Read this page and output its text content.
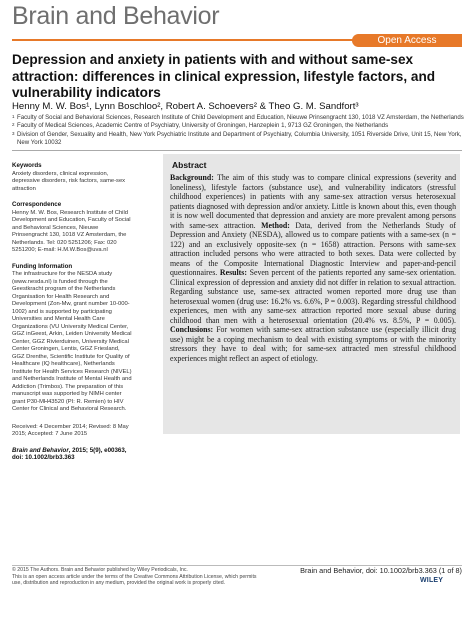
Brain and Behavior
Open Access
Depression and anxiety in patients with and without same-sex attraction: differences in clinical expression, lifestyle factors, and vulnerability indicators
Henny M. W. Bos¹, Lynn Boschloo², Robert A. Schoevers² & Theo G. M. Sandfort³
1 Faculty of Social and Behavioral Sciences, Research Institute of Child Development and Education, Nieuwe Prinsengracht 130, 1018 VZ Amsterdam, the Netherlands
2 Faculty of Medical Sciences, Academic Centre of Psychiatry, University of Groningen, Hanzeplein 1, 9713 GZ Groningen, the Netherlands
3 Division of Gender, Sexuality and Health, New York Psychiatric Institute and Department of Psychiatry, Columbia University, 1051 Riverside Drive, Unit 15, New York, New York 10032
Keywords
Anxiety disorders, clinical expression, depressive disorders, risk factors, same-sex attraction
Correspondence
Henny M. W. Bos, Research Institute of Child Development and Education, Faculty of Social and Behavioral Sciences, Nieuwe Prinsengracht 130, 1018 VZ Amsterdam, the Netherlands. Tel: 020 5251206; Fax: 020 5251200; E-mail: H.M.W.Bos@uva.nl
Funding Information
The infrastructure for the NESDA study (www.nesda.nl) is funded through the Geestkracht program of the Netherlands Organisation for Health Research and Development (Zon-Mw, grant number 10-000-1002) and is supported by participating Universities and Mental Health Care Organizations (VU University Medical Center, GGZ inGeest, Arkin, Leiden University Medical Center, GGZ Rivierduinen, University Medical Center Groningen, Lentis, GGZ Friesland, GGZ Drenthe, Scientific Institute for Quality of Healthcare (IQ healthcare), Netherlands Institute for Health Services Research (NIVEL) and Netherlands Institute of Mental Health and Addiction (Trimbos). The preparation of this manuscript was supported by NIMH center grant P30-MH43520 (PI: R. Remien) to HIV Center for Clinical and Behavioral Research.
Received: 4 December 2014; Revised: 8 May 2015; Accepted: 7 June 2015
Brain and Behavior, 2015; 5(9), e00363, doi: 10.1002/brb3.363
Abstract
Background: The aim of this study was to compare clinical expressions (severity and loneliness), lifestyle factors (substance use), and vulnerability indicators (stressful childhood experiences) in patients with any same-sex attraction versus heterosexual patients diagnosed with depression and/or anxiety. Little is known about this, even though it is now well documented that depression and anxiety are more prevalent among persons with same-sex attraction. Method: Data, derived from the Netherlands Study of Depression and Anxiety (NESDA), allowed us to compare patients with a same-sex (n = 122) and an exclusively opposite-sex (n = 1658) attraction. Persons with same-sex attraction included persons who were attracted to both sexes. Data were collected by means of the Composite International Diagnostic Interview and paper-and-pencil questionnaires. Results: Seven percent of the patients reported any same-sex orientation. Clinical expression of depression and anxiety did not differ in relation to sexual attraction. Regarding substance use, same-sex attracted women reported more drug use than heterosexual women (drug use: 16.2% vs. 6.6%, P = 0.003). Regarding stressful childhood experiences, men with any same-sex attraction reported more sexual abuse during childhood than men with a heterosexual orientation (20.4% vs. 8.5%, P = 0.005). Conclusions: For women with same-sex attraction substance use (especially illicit drug use) might be a coping mechanism to deal with existing symptoms or with the minority stressors they have to deal with; for same-sex attracted men stressful childhood experiences might reflect an aspect of etiology.
© 2015 The Authors. Brain and Behavior published by Wiley Periodicals, Inc.
This is an open access article under the terms of the Creative Commons Attribution License, which permits use, distribution and reproduction in any medium, provided the original work is properly cited.
Brain and Behavior, doi: 10.1002/brb3.363 (1 of 8)
WILEY
